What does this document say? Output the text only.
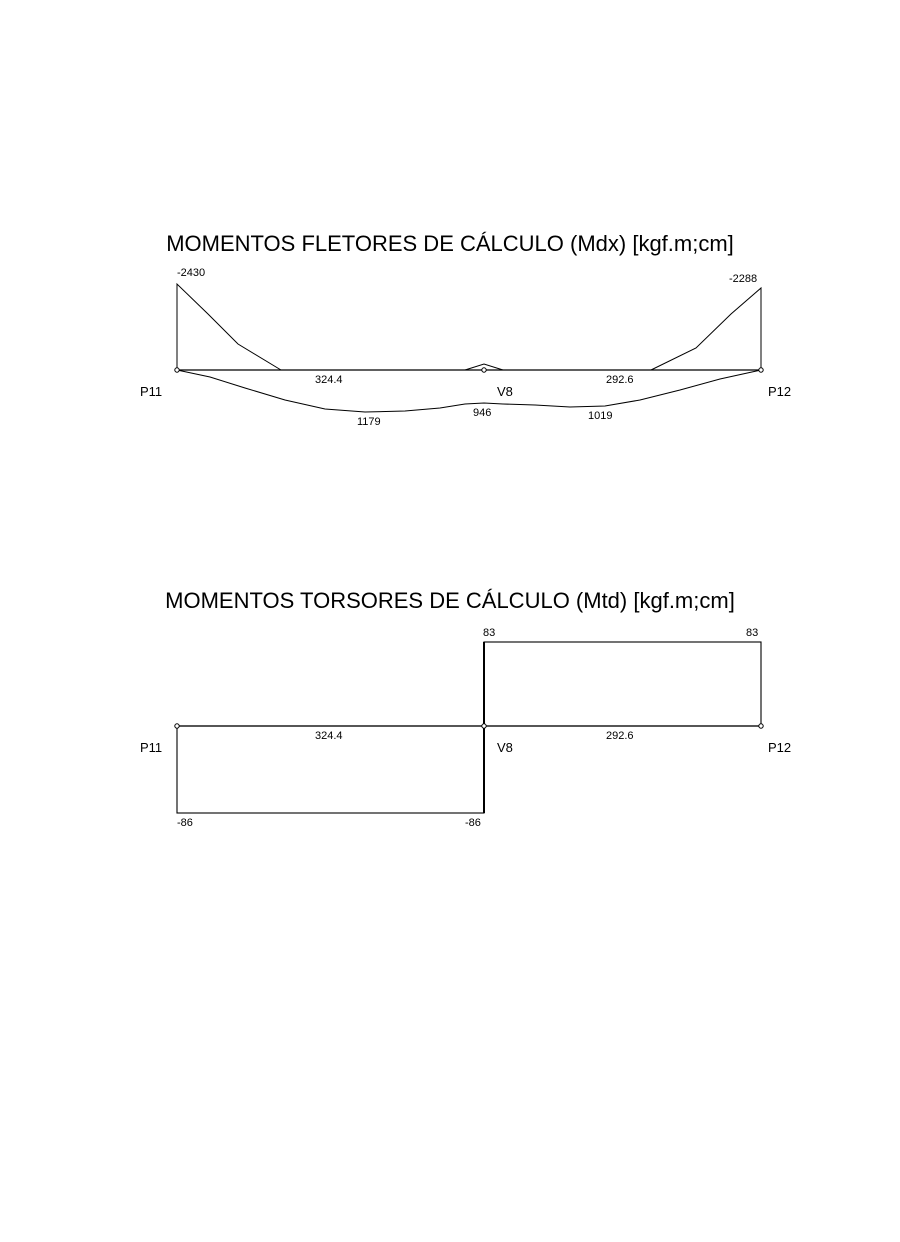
MOMENTOS FLETORES DE CÁLCULO (Mdx) [kgf.m;cm]
MOMENTOS TORSORES DE CÁLCULO (Mtd) [kgf.m;cm]
-2430	-2288
324.4	292.6
1179
946	1019
P11	V8	P12
83	83
324.4	292.6
-86	-86
P11	V8	P12
